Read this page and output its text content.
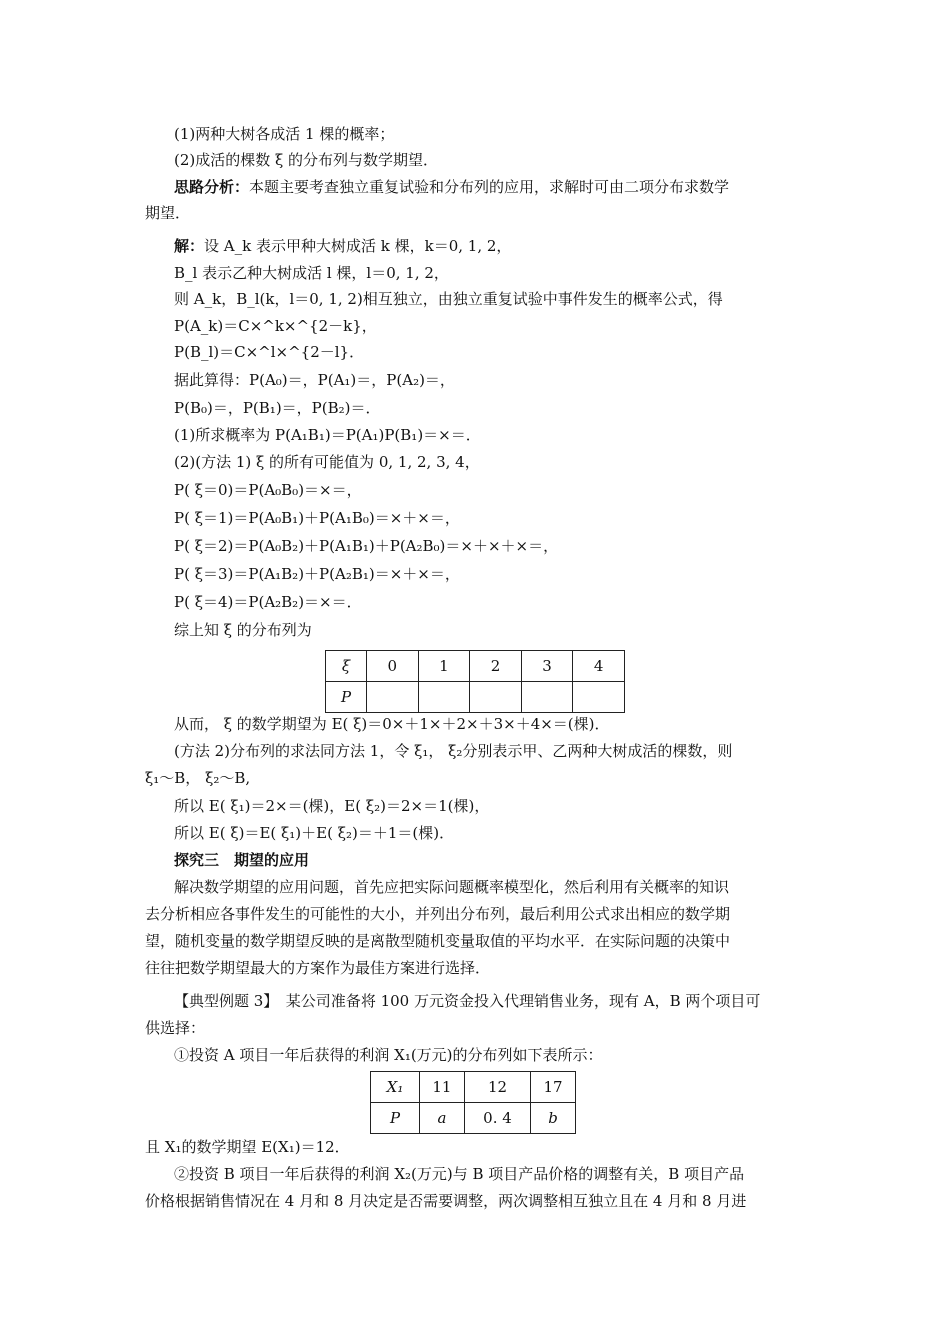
(1)两种大树各成活 1 棵的概率；
(2)成活的棵数 ξ 的分布列与数学期望．
思路分析：本题主要考查独立重复试验和分布列的应用，求解时可由二项分布求数学
期望．
解：设 A_k 表示甲种大树成活 k 棵，k＝0, 1, 2，
B_l 表示乙种大树成活 l 棵，l＝0, 1, 2，
则 A_k，B_l(k，l＝0, 1, 2)相互独立，由独立重复试验中事件发生的概率公式，得
P(A_k)＝C×^k×^{2－k}，
P(B_l)＝C×^l×^{2－l}．
据此算得：P(A₀)＝，P(A₁)＝，P(A₂)＝，
P(B₀)＝，P(B₁)＝，P(B₂)＝．
(1)所求概率为 P(A₁B₁)＝P(A₁)P(B₁)＝×＝．
(2)(方法 1) ξ 的所有可能值为 0, 1, 2, 3, 4，
P( ξ＝0)＝P(A₀B₀)＝×＝，
P( ξ＝1)＝P(A₀B₁)＋P(A₁B₀)＝×＋×＝，
P( ξ＝2)＝P(A₀B₂)＋P(A₁B₁)＋P(A₂B₀)＝×＋×＋×＝，
P( ξ＝3)＝P(A₁B₂)＋P(A₂B₁)＝×＋×＝，
P( ξ＝4)＝P(A₂B₂)＝×＝．
综上知 ξ 的分布列为
ξ	0	1	2	3	4
P					
从而， ξ 的数学期望为 E( ξ)＝0×＋1×＋2×＋3×＋4×＝(棵)．
(方法 2)分布列的求法同方法 1，令 ξ₁， ξ₂分别表示甲、乙两种大树成活的棵数，则
ξ₁～B， ξ₂～B,
所以 E( ξ₁)＝2×＝(棵)，E( ξ₂)＝2×＝1(棵)，
所以 E( ξ)＝E( ξ₁)＋E( ξ₂)＝＋1＝(棵)．
探究三　期望的应用
解决数学期望的应用问题，首先应把实际问题概率模型化，然后利用有关概率的知识
去分析相应各事件发生的可能性的大小，并列出分布列，最后利用公式求出相应的数学期
望，随机变量的数学期望反映的是离散型随机变量取值的平均水平．在实际问题的决策中
往往把数学期望最大的方案作为最佳方案进行选择．
【典型例题 3】　某公司准备将 100 万元资金投入代理销售业务，现有 A，B 两个项目可
供选择：
①投资 A 项目一年后获得的利润 X₁(万元)的分布列如下表所示：
X₁	11	12	17
P	a	0. 4	b
且 X₁的数学期望 E(X₁)＝12．
②投资 B 项目一年后获得的利润 X₂(万元)与 B 项目产品价格的调整有关，B 项目产品
价格根据销售情况在 4 月和 8 月决定是否需要调整，两次调整相互独立且在 4 月和 8 月进
